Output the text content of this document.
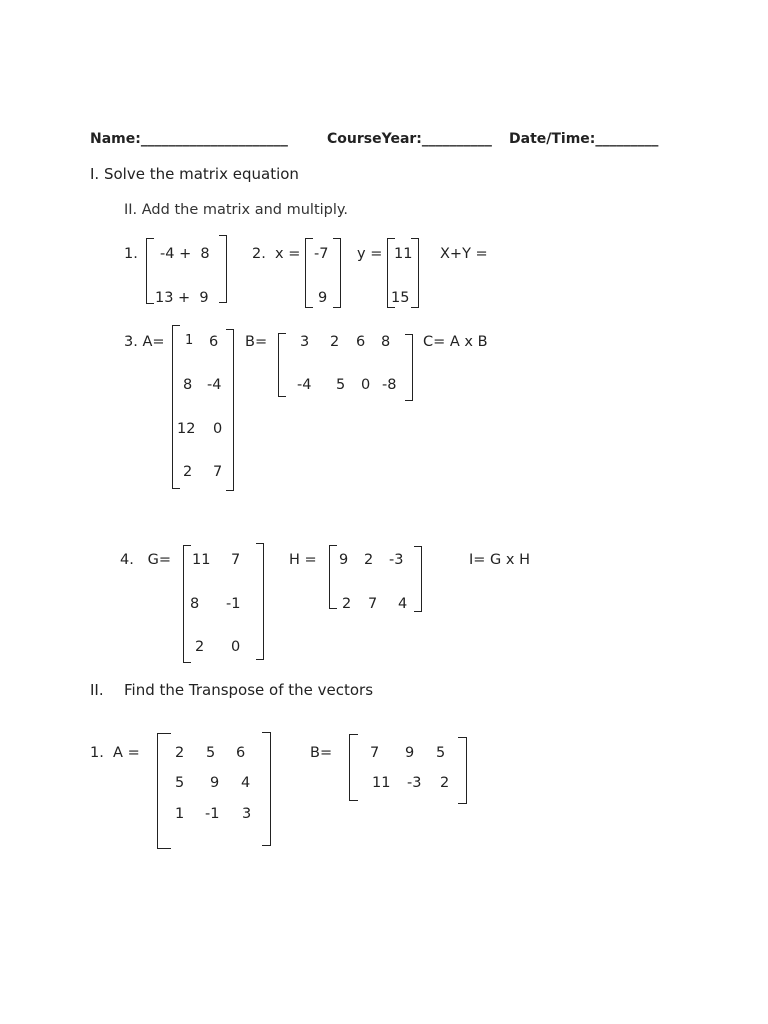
Name:_____________________	CourseYear:__________ Date/Time:_________
I. Solve the matrix equation
II. Add the matrix and multiply.
1. -4 +  8
13 +  9
2.  x = -7
9
y = 11
15
X+Y =
3. A= 1 6
8 -4
12 0
2 7
B= 3 2 6 8
-4 5 0 -8
C= A x B
4.   G= 11 7
8 -1
2 0
H = 9 2 -3
2 7 4
I= G x H
II. Find the Transpose of the vectors
1.  A = 2 5 6
5 9 4
1 -1 3
B=	7 9 5
11 -3 2
